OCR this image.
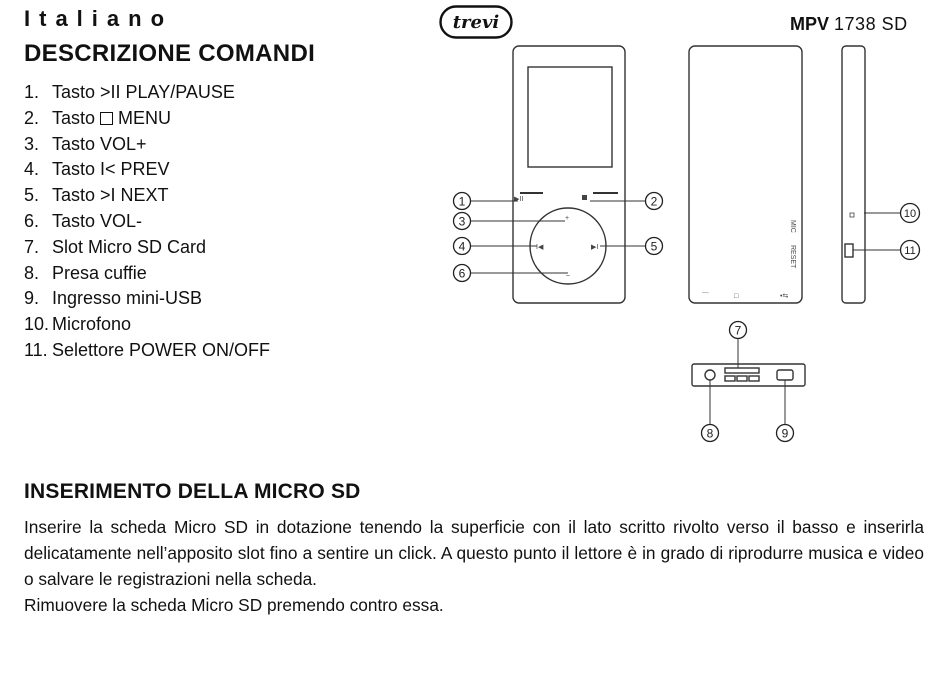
Italiano
DESCRIZIONE COMANDI
1. Tasto >II PLAY/PAUSE
2. Tasto  MENU
3. Tasto VOL+
4. Tasto I< PREV
5. Tasto >I NEXT
6. Tasto VOL-
7. Slot Micro SD Card
8. Presa cuffie
9. Ingresso mini-USB
10. Microfono
11. Selettore POWER ON/OFF
trevi	MPV 1738 SD
▶II
+
I◀	▶I
–
⌒	□	•⇆
MIC
RESET
1	2
3
4	5
6
7
8	9
10
11
INSERIMENTO DELLA MICRO SD

Inserire la scheda Micro SD in dotazione tenendo la superficie con il lato scritto rivolto verso il basso e inserirla delicatamente nell’apposito slot fino a sentire un click. A questo punto il lettore è in grado di riprodurre musica e video o salvare le registrazioni nella scheda.

Rimuovere la scheda Micro SD premendo contro essa.
